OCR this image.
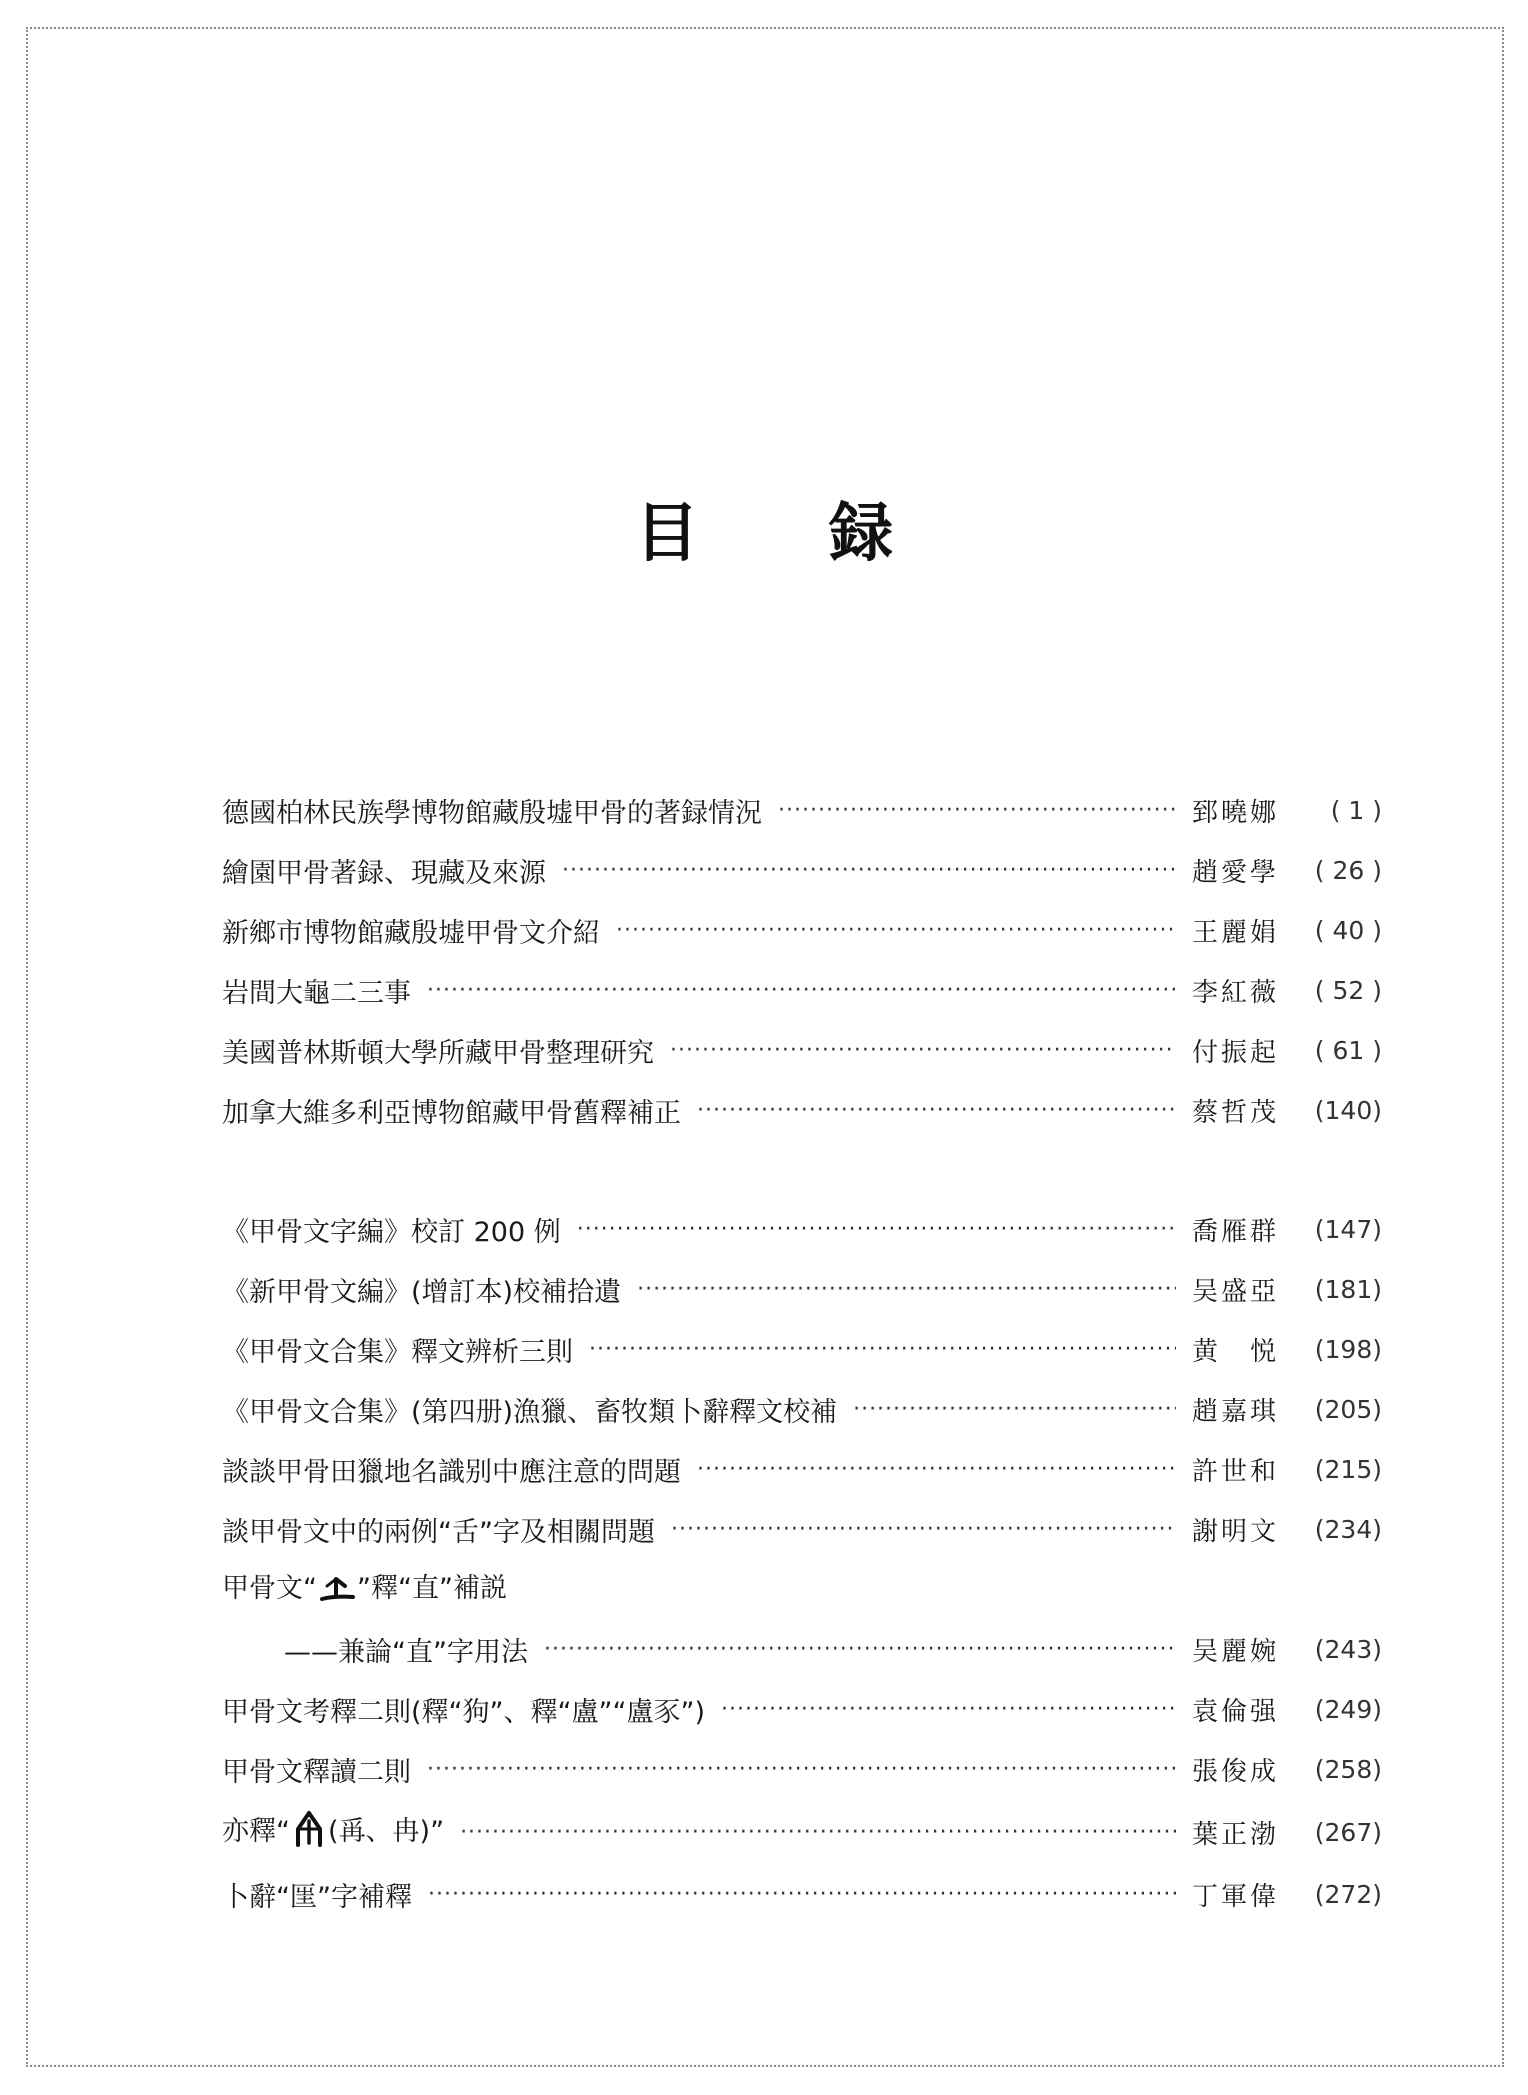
目 録
德國柏林民族學博物館藏殷墟甲骨的著録情況 ·····	郅曉娜	( 1 )
繪園甲骨著録、現藏及來源 ·····	趙愛學	( 26 )
新鄉市博物館藏殷墟甲骨文介紹 ·····	王麗娟	( 40 )
岩間大龜二三事 ·····	李紅薇	( 52 )
美國普林斯頓大學所藏甲骨整理研究 ·····	付振起	( 61 )
加拿大維多利亞博物館藏甲骨舊釋補正 ·····	蔡哲茂	(140)
《甲骨文字編》校訂 200 例 ·····	喬雁群	(147)
《新甲骨文編》(增訂本)校補拾遺 ·····	吴盛亞	(181)
《甲骨文合集》釋文辨析三則 ·····	黄　悦	(198)
《甲骨文合集》(第四册)漁獵、畜牧類卜辭釋文校補 ·····	趙嘉琪	(205)
談談甲骨田獵地名識别中應注意的問題 ·····	許世和	(215)
談甲骨文中的兩例“舌”字及相關問題 ·····	謝明文	(234)
甲骨文“ ”釋“直”補説
——兼論“直”字用法 ·····	吴麗婉	(243)
甲骨文考釋二則(釋“狗”、釋“盧”“盧豕”) ·····	袁倫强	(249)
甲骨文釋讀二則 ·····	張俊成	(258)
亦釋“ (爯、冉)” ·····	葉正渤	(267)
卜辭“匩”字補釋 ·····	丁軍偉	(272)
